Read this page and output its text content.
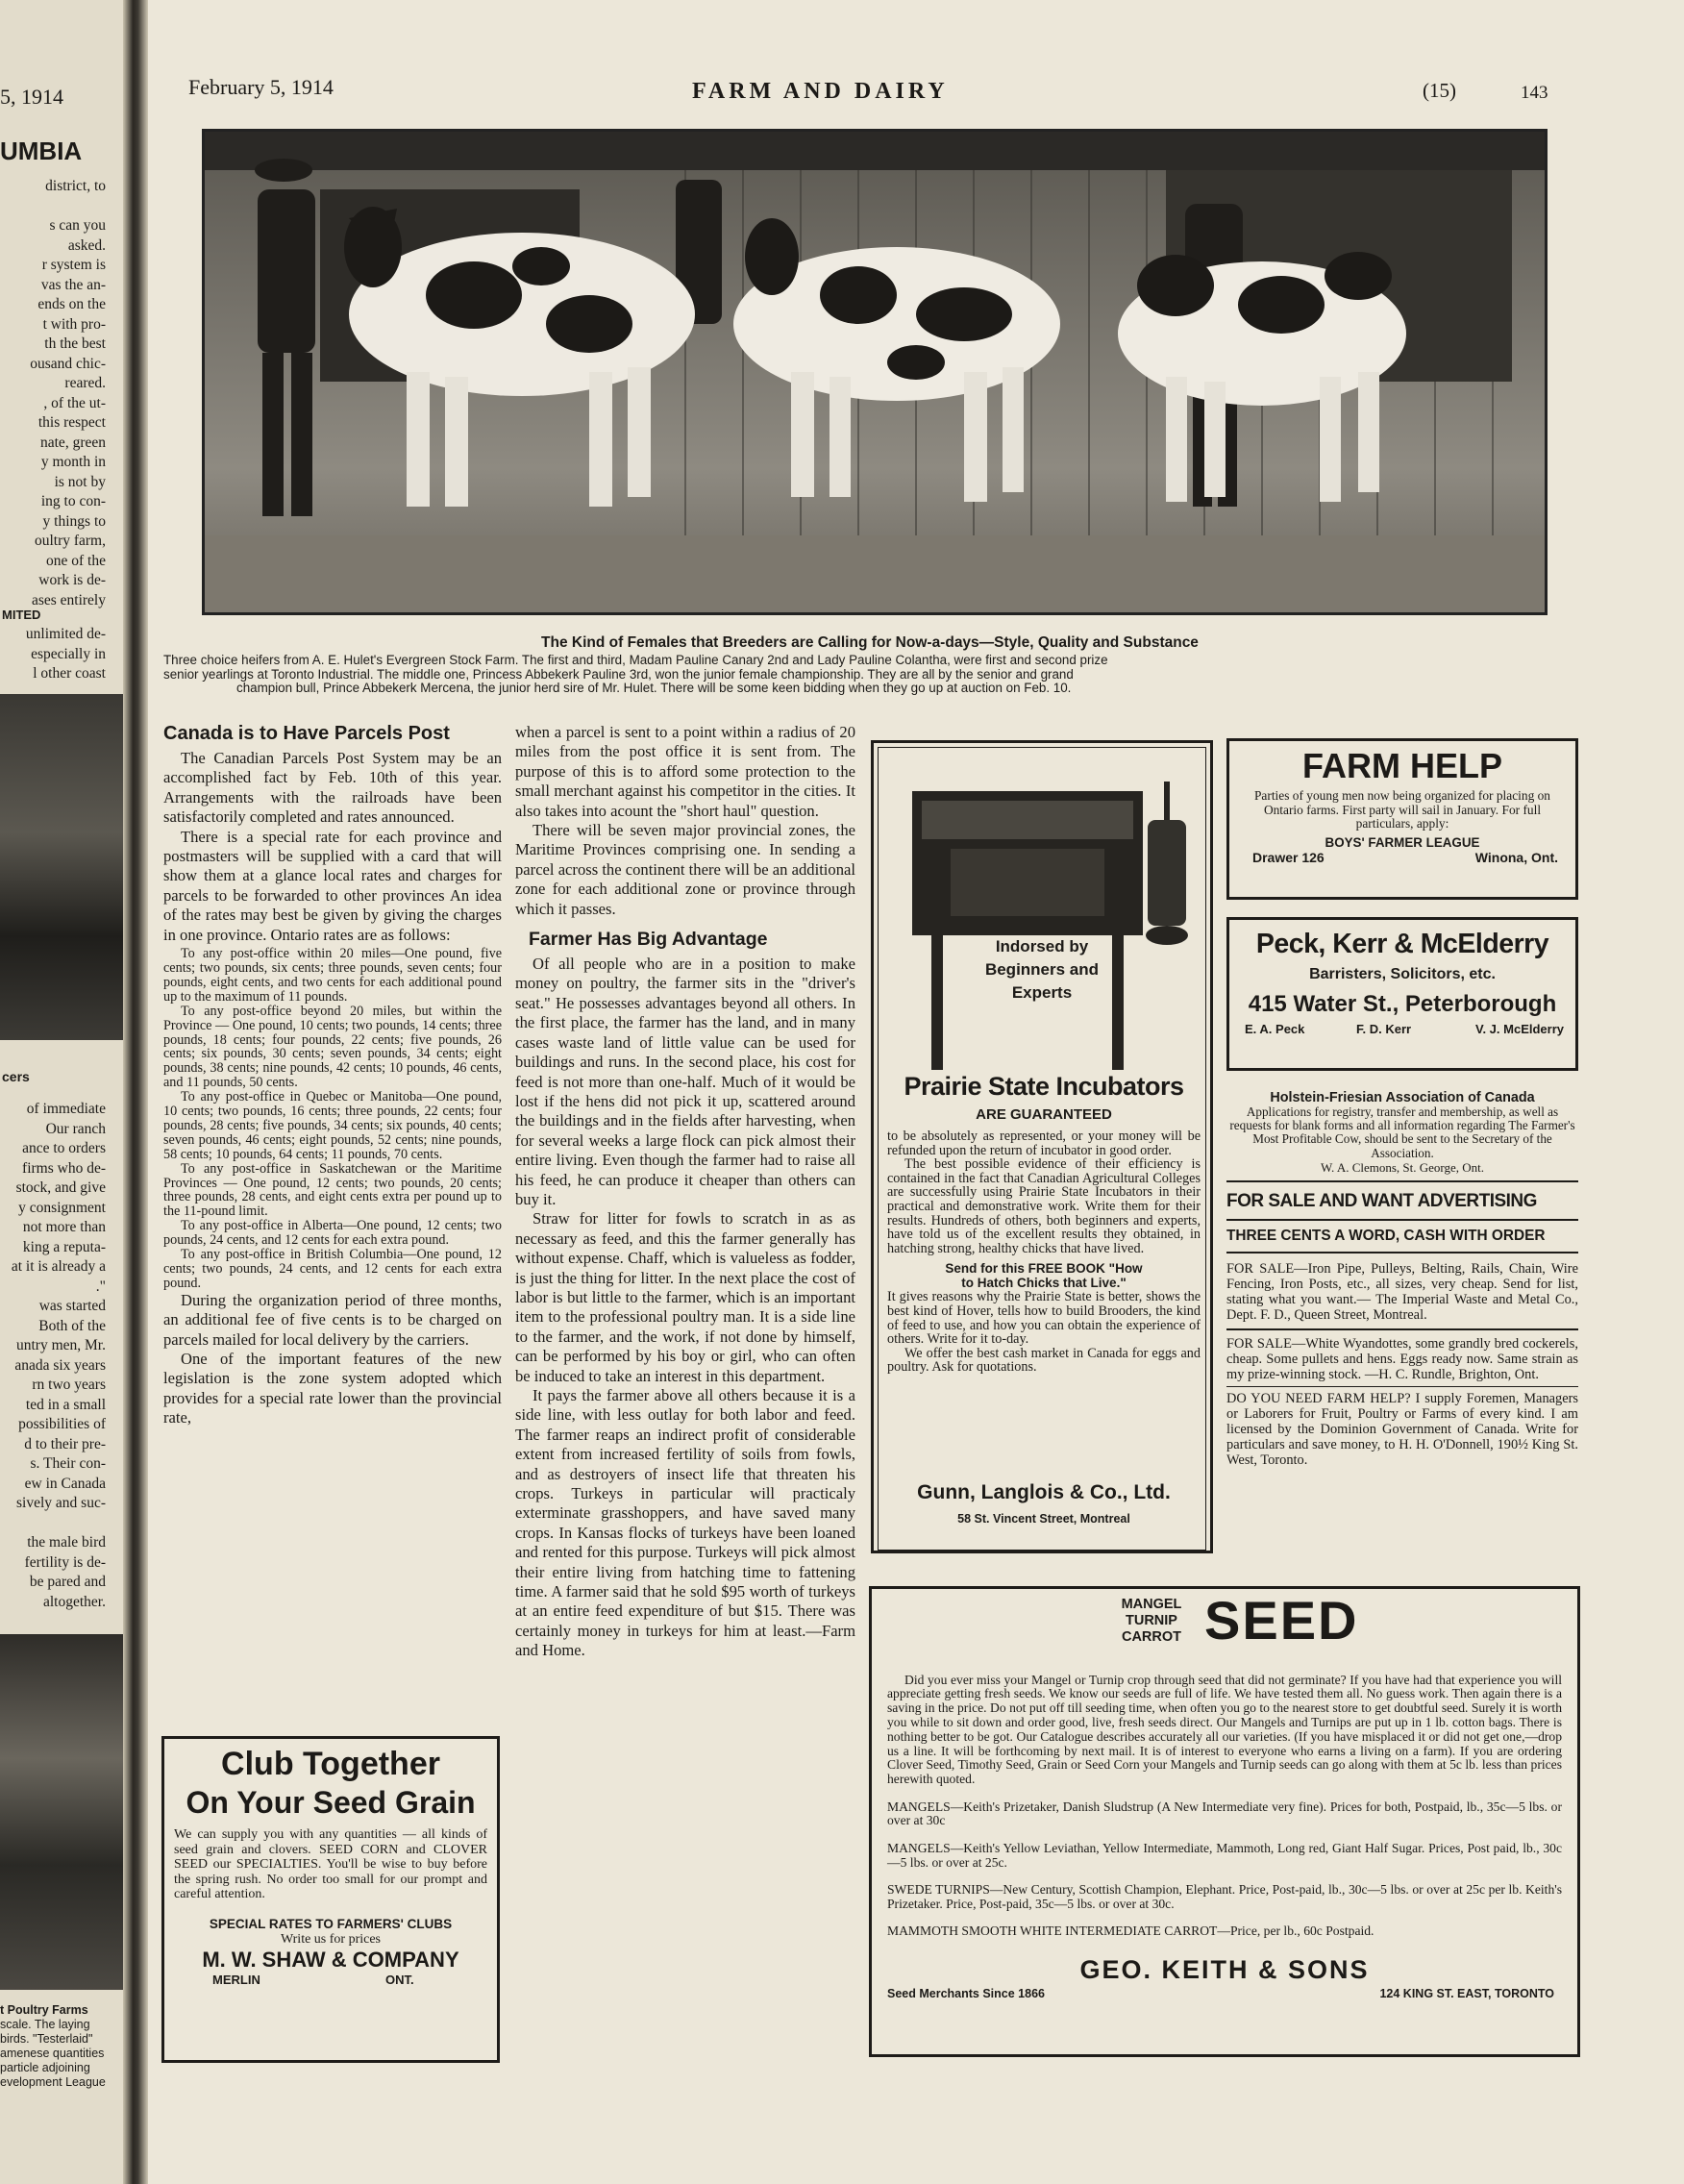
5, 1914
UMBIA
district, to
s can you
asked.
r system is
vas the an-
ends on the
t with pro-
th the best
ousand chic-
reared.
, of the ut-
this respect
nate, green
y month in
is not by
ing to con-
y things to
oultry farm,
one of the
work is de-
ases entirely
MITED
unlimited de-
especially in
l other coast
cers
of immediate
Our ranch
ance to orders
firms who de-
stock, and give
y consignment
not more than
king a reputa-
at it is already a
."
was started
Both of the
untry men, Mr.
anada six years
rn two years
ted in a small
possibilities of
d to their pre-
s. Their con-
ew in Canada
sively and suc-
the male bird
fertility is de-
be pared and
altogether.
t Poultry Farms
scale. The laying
birds. "Testerlaid"
amenese quantities
particle adjoining
evelopment League
February 5, 1914	FARM AND DAIRY	(15)	143
The Kind of Females that Breeders are Calling for Now-a-days—Style, Quality and Substance
Three choice heifers from A. E. Hulet's Evergreen Stock Farm. The first and third, Madam Pauline Canary 2nd and Lady Pauline Colantha, were first and second prize
senior yearlings at Toronto Industrial. The middle one, Princess Abbekerk Pauline 3rd, won the junior female championship. They are all by the senior and grand
champion bull, Prince Abbekerk Mercena, the junior herd sire of Mr. Hulet. There will be some keen bidding when they go up at auction on Feb. 10.
Canada is to Have Parcels Post

The Canadian Parcels Post System may be an accomplished fact by Feb. 10th of this year. Arrangements with the railroads have been satisfactorily completed and rates announced.

There is a special rate for each province and postmasters will be supplied with a card that will show them at a glance local rates and charges for parcels to be forwarded to other provinces An idea of the rates may best be given by giving the charges in one province. Ontario rates are as follows:

To any post-office within 20 miles—One pound, five cents; two pounds, six cents; three pounds, seven cents; four pounds, eight cents, and two cents for each additional pound up to the maximum of 11 pounds.

To any post-office beyond 20 miles, but within the Province — One pound, 10 cents; two pounds, 14 cents; three pounds, 18 cents; four pounds, 22 cents; five pounds, 26 cents; six pounds, 30 cents; seven pounds, 34 cents; eight pounds, 38 cents; nine pounds, 42 cents; 10 pounds, 46 cents, and 11 pounds, 50 cents.

To any post-office in Quebec or Manitoba—One pound, 10 cents; two pounds, 16 cents; three pounds, 22 cents; four pounds, 28 cents; five pounds, 34 cents; six pounds, 40 cents; seven pounds, 46 cents; eight pounds, 52 cents; nine pounds, 58 cents; 10 pounds, 64 cents; 11 pounds, 70 cents.

To any post-office in Saskatchewan or the Maritime Provinces — One pound, 12 cents; two pounds, 20 cents; three pounds, 28 cents, and eight cents extra per pound up to the 11-pound limit.

To any post-office in Alberta—One pound, 12 cents; two pounds, 24 cents, and 12 cents for each extra pound.

To any post-office in British Columbia—One pound, 12 cents; two pounds, 24 cents, and 12 cents for each extra pound.

During the organization period of three months, an additional fee of five cents is to be charged on parcels mailed for local delivery by the carriers.

One of the important features of the new legislation is the zone system adopted which provides for a special rate lower than the provincial rate,

Club Together
On Your Seed Grain

We can supply you with any quantities — all kinds of seed grain and clovers. SEED CORN and CLOVER SEED our SPECIALTIES. You'll be wise to buy before the spring rush. No order too small for our prompt and careful attention.

SPECIAL RATES TO FARMERS' CLUBS
Write us for prices
M. W. SHAW & COMPANY
MERLIN	ONT.

when a parcel is sent to a point within a radius of 20 miles from the post office it is sent from. The purpose of this is to afford some protection to the small merchant against his competitor in the cities. It also takes into acount the "short haul" question.

There will be seven major provincial zones, the Maritime Provinces comprising one. In sending a parcel across the continent there will be an additional zone for each additional zone or province through which it passes.

Farmer Has Big Advantage

Of all people who are in a position to make money on poultry, the farmer sits in the "driver's seat." He possesses advantages beyond all others. In the first place, the farmer has the land, and in many cases waste land of little value can be used for buildings and runs. In the second place, his cost for feed is not more than one-half. Much of it would be lost if the hens did not pick it up, scattered around the buildings and in the fields after harvesting, when for several weeks a large flock can pick almost their entire living. Even though the farmer had to raise all his feed, he can produce it cheaper than others can buy it.

Straw for litter for fowls to scratch in as as necessary as feed, and this the farmer generally has without expense. Chaff, which is valueless as fodder, is just the thing for litter. In the next place the cost of labor is but little to the farmer, which is an important item to the professional poultry man. It is a side line to the farmer, and the work, if not done by himself, can be performed by his boy or girl, who can often be induced to take an interest in this department.

It pays the farmer above all others because it is a side line, with less outlay for both labor and feed. The farmer reaps an indirect profit of considerable extent from increased fertility of soils from fowls, and as destroyers of insect life that threaten his crops. Turkeys in particular will practicaly exterminate grasshoppers, and have saved many crops. In Kansas flocks of turkeys have been loaned and rented for this purpose. Turkeys will pick almost their entire living from hatching time to fattening time. A farmer said that he sold $95 worth of turkeys at an entire feed expenditure of but $15. There was certainly money in turkeys for him at least.—Farm and Home.

Indorsed by Beginners and Experts
Prairie State Incubators
ARE GUARANTEED

to be absolutely as represented, or your money will be refunded upon the return of incubator in good order.

The best possible evidence of their efficiency is contained in the fact that Canadian Agricultural Colleges are successfully using Prairie State Incubators in their practical and demonstrative work. Write them for their results. Hundreds of others, both beginners and experts, have told us of the excellent results they obtained, in hatching strong, healthy chicks that have lived.

Send for this FREE BOOK "How
to Hatch Chicks that Live."

It gives reasons why the Prairie State is better, shows the best kind of Hover, tells how to build Brooders, the kind of feed to use, and how you can obtain the experience of others. Write for it to-day.

We offer the best cash market in Canada for eggs and poultry. Ask for quotations.

Gunn, Langlois & Co., Ltd.
58 St. Vincent Street, Montreal
FARM HELP

Parties of young men now being organized for placing on Ontario farms. First party will sail in January. For full particulars, apply:

BOYS' FARMER LEAGUE
Drawer 126	Winona, Ont.
Peck, Kerr & McElderry
Barristers, Solicitors, etc.
415 Water St., Peterborough
E. A. Peck	F. D. Kerr	V. J. McElderry
Holstein-Friesian Association of Canada

Applications for registry, transfer and membership, as well as requests for blank forms and all information regarding The Farmer's Most Profitable Cow, should be sent to the Secretary of the Association.

W. A. Clemons, St. George, Ont.
FOR SALE AND WANT ADVERTISING
THREE CENTS A WORD, CASH WITH ORDER

FOR SALE—Iron Pipe, Pulleys, Belting, Rails, Chain, Wire Fencing, Iron Posts, etc., all sizes, very cheap. Send for list, stating what you want.— The Imperial Waste and Metal Co., Dept. F. D., Queen Street, Montreal.

FOR SALE—White Wyandottes, some grandly bred cockerels, cheap. Some pullets and hens. Eggs ready now. Same strain as my prize-winning stock. —H. C. Rundle, Brighton, Ont.

DO YOU NEED FARM HELP? I supply Foremen, Managers or Laborers for Fruit, Poultry or Farms of every kind. I am licensed by the Dominion Government of Canada. Write for particulars and save money, to H. H. O'Donnell, 190½ King St. West, Toronto.

MANGEL
TURNIP
CARROT SEED

Did you ever miss your Mangel or Turnip crop through seed that did not germinate? If you have had that experience you will appreciate getting fresh seeds. We know our seeds are full of life. We have tested them all. No guess work. Then again there is a saving in the price. Do not put off till seeding time, when often you go to the nearest store to get doubtful seed. Surely it is worth you while to sit down and order good, live, fresh seeds direct. Our Mangels and Turnips are put up in 1 lb. cotton bags. There is nothing better to be got. Our Catalogue describes accurately all our varieties. (If you have misplaced it or did not get one,—drop us a line. It will be forthcoming by next mail. It is of interest to everyone who earns a living on a farm). If you are ordering Clover Seed, Timothy Seed, Grain or Seed Corn your Mangels and Turnip seeds can go along with them at 5c lb. less than prices herewith quoted.

MANGELS—Keith's Prizetaker, Danish Sludstrup (A New Intermediate very fine). Prices for both, Postpaid, lb., 35c—5 lbs. or over at 30c

MANGELS—Keith's Yellow Leviathan, Yellow Intermediate, Mammoth, Long red, Giant Half Sugar. Prices, Post paid, lb., 30c—5 lbs. or over at 25c.

SWEDE TURNIPS—New Century, Scottish Champion, Elephant. Price, Post-paid, lb., 30c—5 lbs. or over at 25c per lb. Keith's Prizetaker. Price, Post-paid, 35c—5 lbs. or over at 30c.

MAMMOTH SMOOTH WHITE INTERMEDIATE CARROT—Price, per lb., 60c Postpaid.

GEO. KEITH & SONS
Seed Merchants Since 1866	124 KING ST. EAST, TORONTO
